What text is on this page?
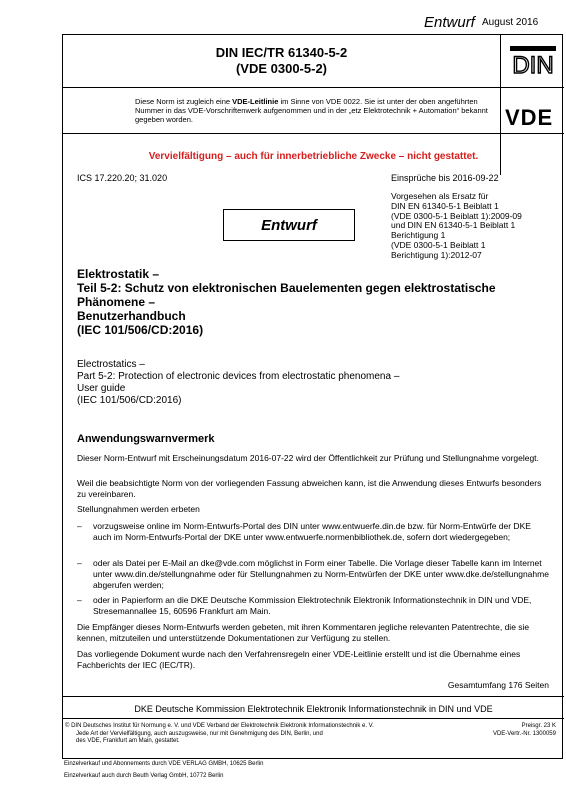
Entwurf August 2016
DIN IEC/TR 61340-5-2
(VDE 0300-5-2)	DIN
Diese Norm ist zugleich eine VDE-Leitlinie im Sinne von VDE 0022. Sie ist unter der oben angeführten Nummer in das VDE-Vorschriftenwerk aufgenommen und in der „etz Elektrotechnik + Automation“ bekannt gegeben worden.	VDE
Vervielfältigung – auch für innerbetriebliche Zwecke – nicht gestattet.
ICS 17.220.20; 31.020	Einsprüche bis 2016-09-22
Vorgesehen als Ersatz für
DIN EN 61340-5-1 Beiblatt 1
(VDE 0300-5-1 Beiblatt 1):2009-09
und DIN EN 61340-5-1 Beiblatt 1
Berichtigung 1
(VDE 0300-5-1 Beiblatt 1
Berichtigung 1):2012-07
Entwurf
Elektrostatik –
Teil 5-2: Schutz von elektronischen Bauelementen gegen elektrostatische
Phänomene –
Benutzerhandbuch
(IEC 101/506/CD:2016)
Electrostatics –
Part 5-2: Protection of electronic devices from electrostatic phenomena –
User guide
(IEC 101/506/CD:2016)
Anwendungswarnvermerk
Dieser Norm-Entwurf mit Erscheinungsdatum 2016-07-22 wird der Öffentlichkeit zur Prüfung und Stellungnahme vorgelegt.
Weil die beabsichtigte Norm von der vorliegenden Fassung abweichen kann, ist die Anwendung dieses Entwurfs besonders zu vereinbaren.
Stellungnahmen werden erbeten
– vorzugsweise online im Norm-Entwurfs-Portal des DIN unter www.entwuerfe.din.de bzw. für Norm-Entwürfe der DKE auch im Norm-Entwurfs-Portal der DKE unter www.entwuerfe.normenbibliothek.de, sofern dort wiedergegeben;
– oder als Datei per E-Mail an dke@vde.com möglichst in Form einer Tabelle. Die Vorlage dieser Tabelle kann im Internet unter www.din.de/stellungnahme oder für Stellungnahmen zu Norm-Entwürfen der DKE unter www.dke.de/stellungnahme abgerufen werden;
– oder in Papierform an die DKE Deutsche Kommission Elektrotechnik Elektronik Informationstechnik in DIN und VDE, Stresemannallee 15, 60596 Frankfurt am Main.
Die Empfänger dieses Norm-Entwurfs werden gebeten, mit ihren Kommentaren jegliche relevanten Patentrechte, die sie kennen, mitzuteilen und unterstützende Dokumentationen zur Verfügung zu stellen.
Das vorliegende Dokument wurde nach den Verfahrensregeln einer VDE-Leitlinie erstellt und ist die Übernahme eines Fachberichts der IEC (IEC/TR).
Gesamtumfang 176 Seiten
DKE Deutsche Kommission Elektrotechnik Elektronik Informationstechnik in DIN und VDE
© DIN Deutsches Institut für Normung e. V. und VDE Verband der Elektrotechnik Elektronik Informationstechnik e. V.
Jede Art der Vervielfältigung, auch auszugsweise, nur mit Genehmigung des DIN, Berlin, und
des VDE, Frankfurt am Main, gestattet.
Preisgr. 23 K
VDE-Vertr.-Nr. 1300059
Einzelverkauf und Abonnements durch VDE VERLAG GMBH, 10625 Berlin
Einzelverkauf auch durch Beuth Verlag GmbH, 10772 Berlin
